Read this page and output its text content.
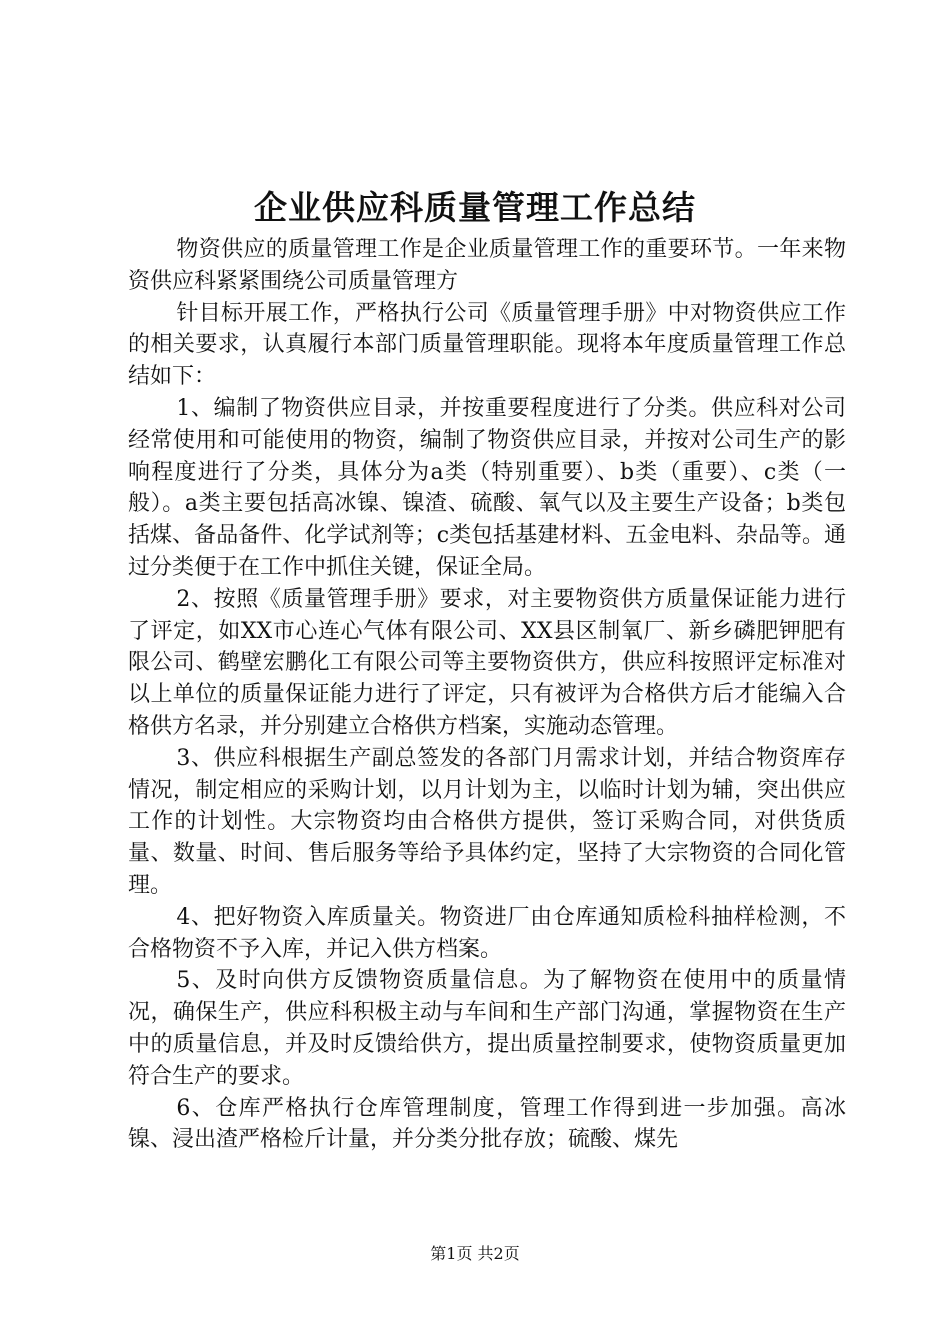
企业供应科质量管理工作总结

物资供应的质量管理工作是企业质量管理工作的重要环节。一年来物资供应科紧紧围绕公司质量管理方

针目标开展工作，严格执行公司《质量管理手册》中对物资供应工作的相关要求，认真履行本部门质量管理职能。现将本年度质量管理工作总结如下：

1、编制了物资供应目录，并按重要程度进行了分类。供应科对公司经常使用和可能使用的物资，编制了物资供应目录，并按对公司生产的影响程度进行了分类，具体分为a类（特别重要）、b类（重要）、c类（一般）。a类主要包括高冰镍、镍渣、硫酸、氧气以及主要生产设备；b类包括煤、备品备件、化学试剂等；c类包括基建材料、五金电料、杂品等。通过分类便于在工作中抓住关键，保证全局。

2、按照《质量管理手册》要求，对主要物资供方质量保证能力进行了评定，如XX市心连心气体有限公司、XX县区制氧厂、新乡磷肥钾肥有限公司、鹤壁宏鹏化工有限公司等主要物资供方，供应科按照评定标准对以上单位的质量保证能力进行了评定，只有被评为合格供方后才能编入合格供方名录，并分别建立合格供方档案，实施动态管理。

3、供应科根据生产副总签发的各部门月需求计划，并结合物资库存情况，制定相应的采购计划，以月计划为主，以临时计划为辅，突出供应工作的计划性。大宗物资均由合格供方提供，签订采购合同，对供货质量、数量、时间、售后服务等给予具体约定，坚持了大宗物资的合同化管理。

4、把好物资入库质量关。物资进厂由仓库通知质检科抽样检测，不合格物资不予入库，并记入供方档案。

5、及时向供方反馈物资质量信息。为了解物资在使用中的质量情况，确保生产，供应科积极主动与车间和生产部门沟通，掌握物资在生产中的质量信息，并及时反馈给供方，提出质量控制要求，使物资质量更加符合生产的要求。

6、仓库严格执行仓库管理制度，管理工作得到进一步加强。高冰镍、浸出渣严格检斤计量，并分类分批存放；硫酸、煤先

第1页 共2页
